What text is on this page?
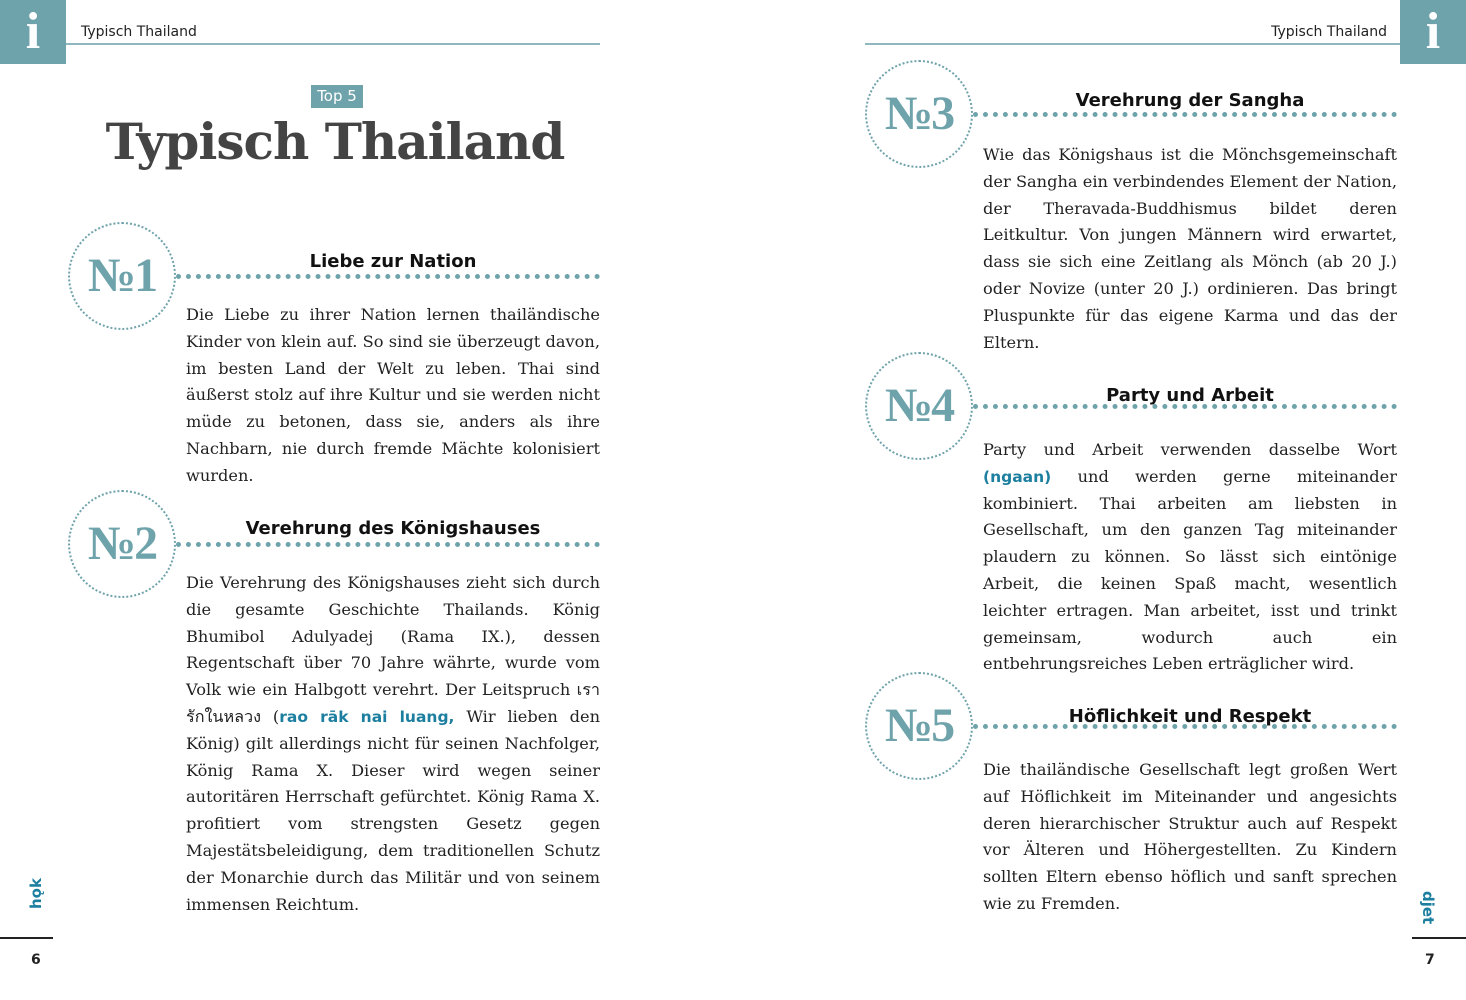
i	Typisch Thailand	i
Typisch Thailand
Top 5
Typisch Thailand
№1	Liebe zur Nation
Die Liebe zu ihrer Nation lernen thailändische Kinder von klein auf. So sind sie überzeugt davon, im besten Land der Welt zu leben. Thai sind äußerst stolz auf ihre Kultur und sie werden nicht müde zu betonen, dass sie, anders als ihre Nachbarn, nie durch fremde Mächte kolonisiert wurden.
№2	Verehrung des Königshauses
Die Verehrung des Königshauses zieht sich durch die gesamte Geschichte Thailands. König Bhumibol Adulyadej (Rama IX.), dessen Regentschaft über 70 Jahre währte, wurde vom Volk wie ein Halbgott verehrt. Der Leitspruch เรารักในหลวง (rao rāk nai luang, Wir lieben den König) gilt allerdings nicht für seinen Nachfolger, König Rama X. Dieser wird wegen seiner autoritären Herrschaft gefürchtet. König Rama X. profitiert vom strengsten Gesetz gegen Majestätsbeleidigung, dem traditionellen Schutz der Monarchie durch das Militär und von seinem immensen Reichtum.
№3	Verehrung der Sangha
Wie das Königshaus ist die Mönchsgemeinschaft der Sangha ein verbindendes Element der Nation, der Theravada-Buddhismus bildet deren Leitkultur. Von jungen Männern wird erwartet, dass sie sich eine Zeitlang als Mönch (ab 20 J.) oder Novize (unter 20 J.) ordinieren. Das bringt Pluspunkte für das eigene Karma und das der Eltern.
№4	Party und Arbeit
Party und Arbeit verwenden dasselbe Wort (ngaan) und werden gerne miteinander kombiniert. Thai arbeiten am liebsten in Gesellschaft, um den ganzen Tag miteinander plaudern zu können. So lässt sich eintönige Arbeit, die keinen Spaß macht, wesentlich leichter ertragen. Man arbeitet, isst und trinkt gemeinsam, wodurch auch ein entbehrungsreiches Leben erträglicher wird.
№5	Höflichkeit und Respekt
Die thailändische Gesellschaft legt großen Wert auf Höflichkeit im Miteinander und angesichts deren hierarchischer Struktur auch auf Respekt vor Älteren und Höhergestellten. Zu Kindern sollten Eltern ebenso höflich und sanft sprechen wie zu Fremden.
hǫk
6
djet
7
